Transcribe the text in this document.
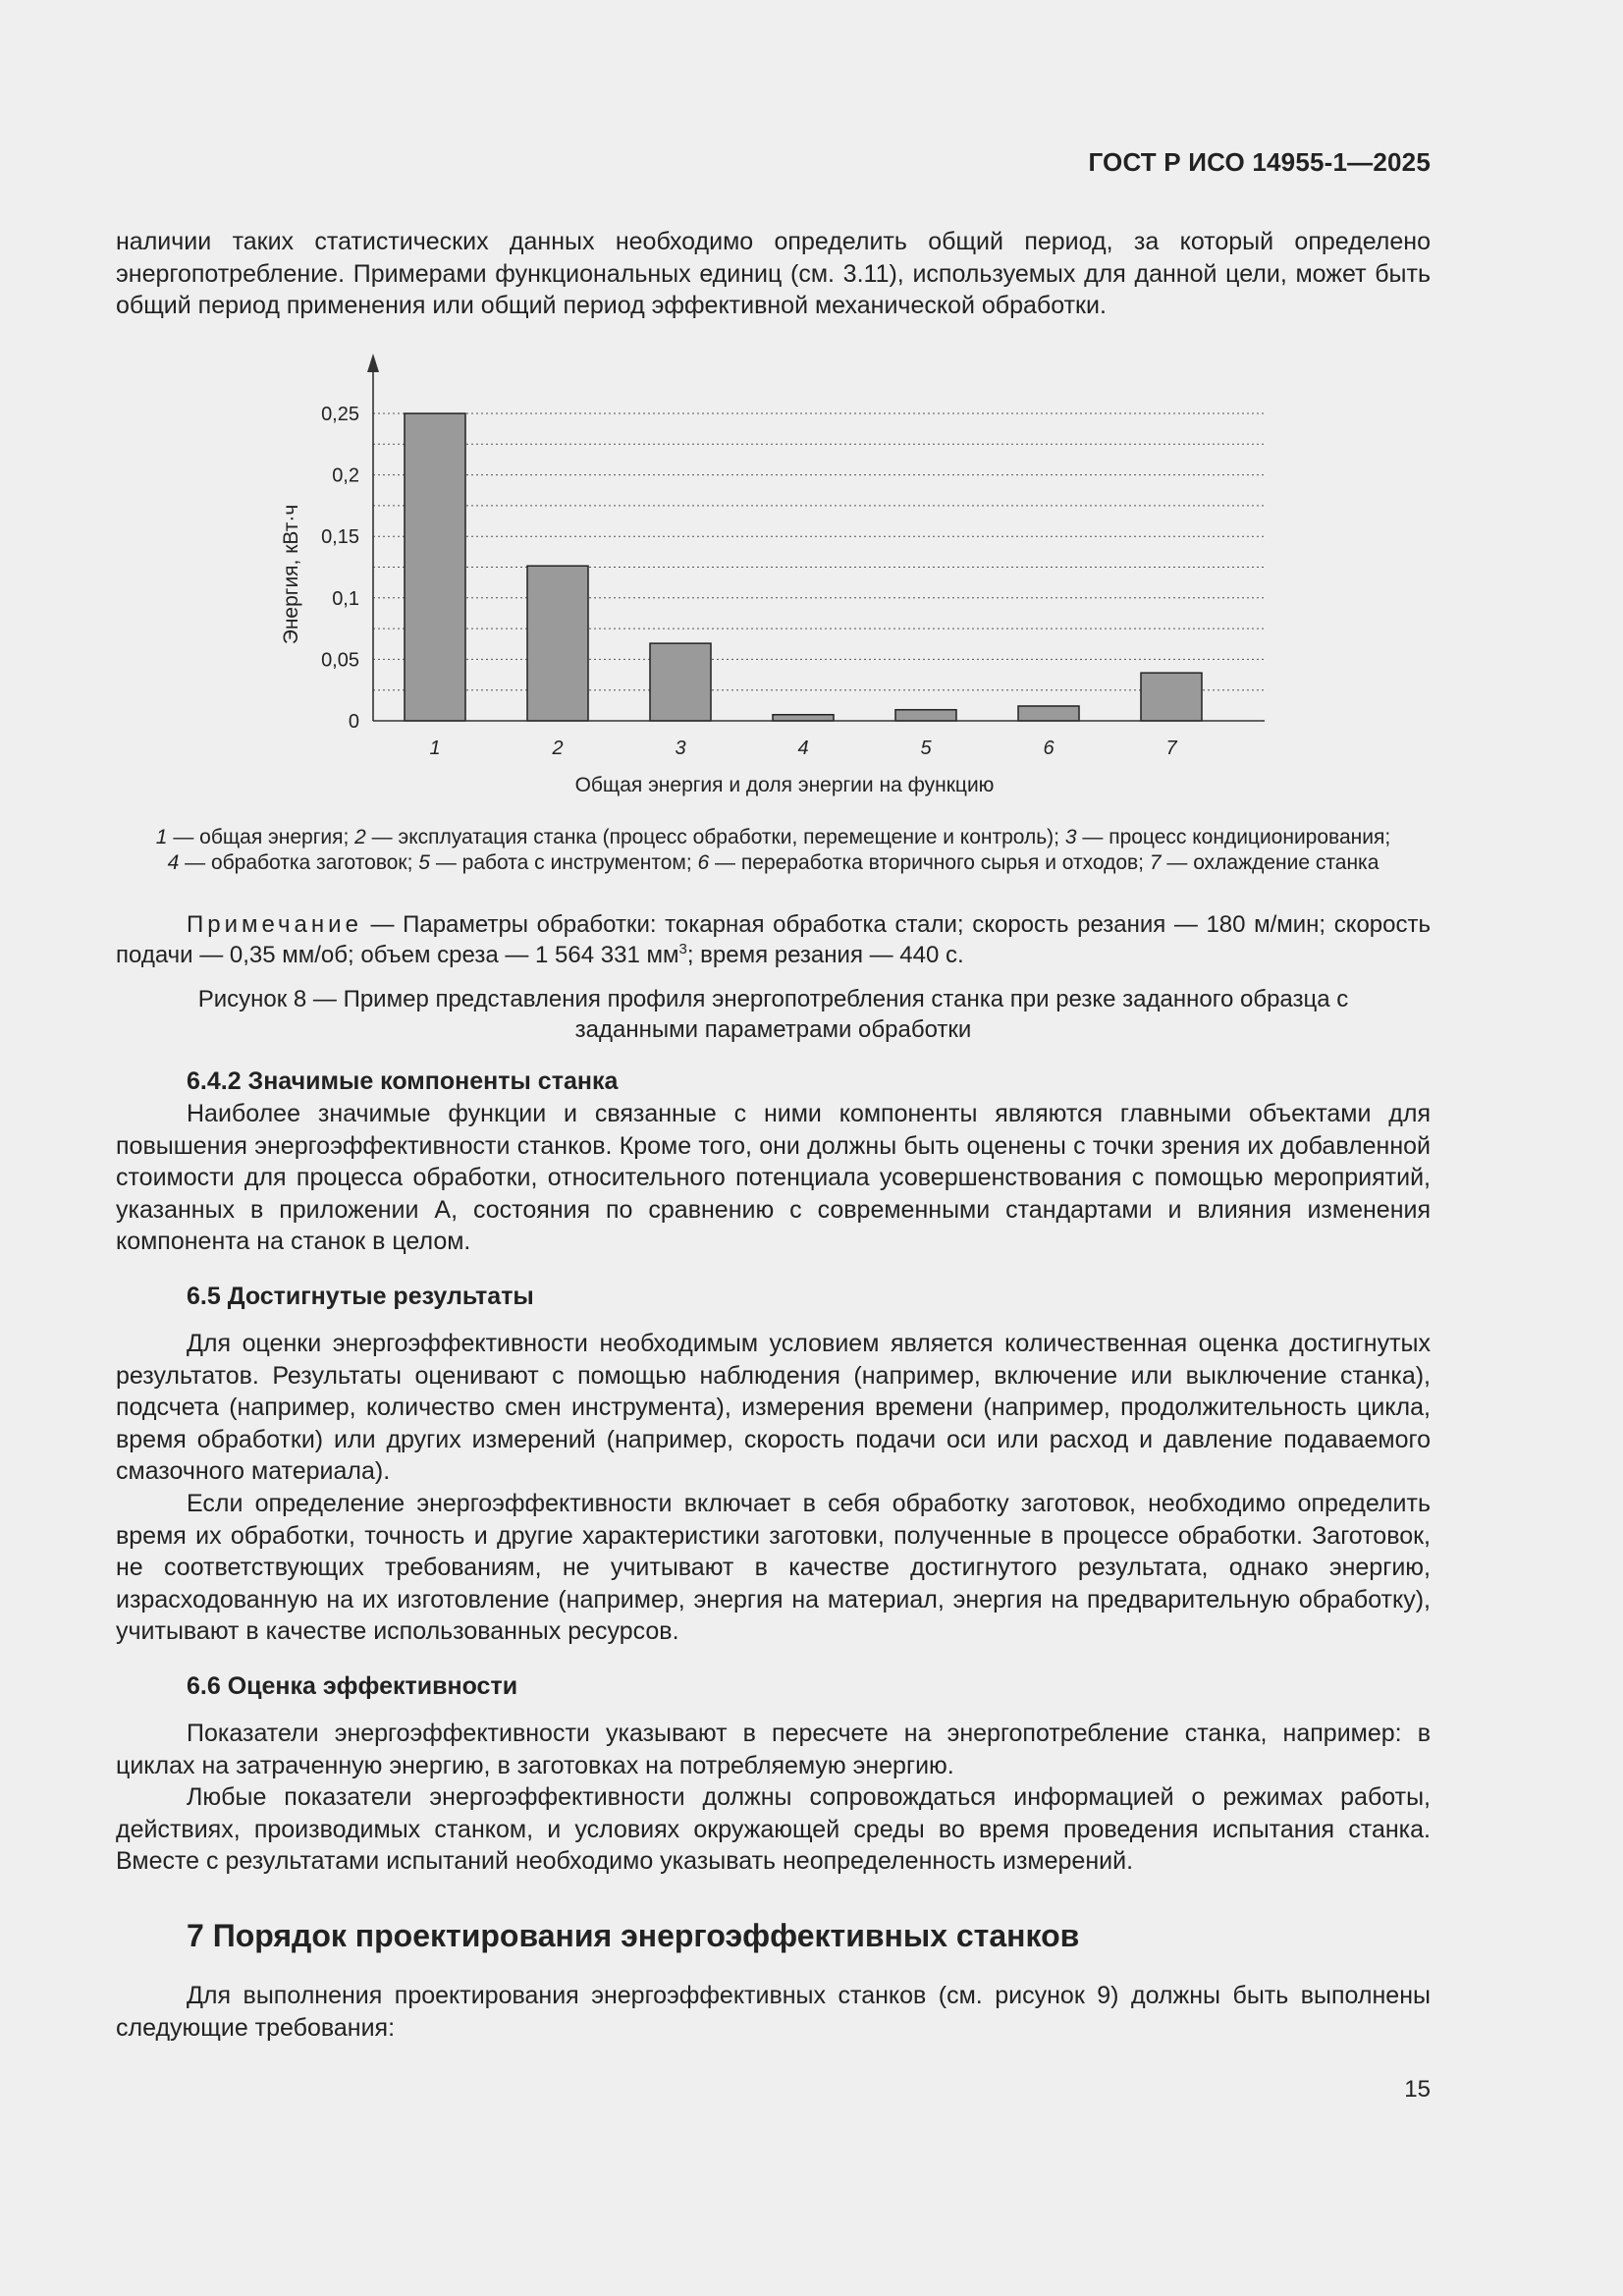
ГОСТ Р ИСО 14955-1—2025

наличии таких статистических данных необходимо определить общий период, за который определено энергопотребление. Примерами функциональных единиц (см. 3.11), используемых для данной цели, может быть общий период применения или общий период эффективной механической обработки.

0
0,05
0,1
0,15
0,2
0,25
1	2	3	4	5	6	7
Энергия, кВт·ч
Общая энергия и доля энергии на функцию
1 — общая энергия; 2 — эксплуатация станка (процесс обработки, перемещение и контроль); 3 — процесс кондиционирования;
4 — обработка заготовок; 5 — работа с инструментом; 6 — переработка вторичного сырья и отходов; 7 — охлаждение станка

Примечание — Параметры обработки: токарная обработка стали; скорость резания — 180 м/мин; скорость подачи — 0,35 мм/об; объем среза — 1 564 331 $мм^3$; время резания — 440 с.

Рисунок 8 — Пример представления профиля энергопотребления станка при резке заданного образца с
заданными параметрами обработки
6.4.2 Значимые компоненты станка

Наиболее значимые функции и связанные с ними компоненты являются главными объектами для повышения энергоэффективности станков. Кроме того, они должны быть оценены с точки зрения их добавленной стоимости для процесса обработки, относительного потенциала усовершенствования с помощью мероприятий, указанных в приложении А, состояния по сравнению с современными стандартами и влияния изменения компонента на станок в целом.

6.5 Достигнутые результаты

Для оценки энергоэффективности необходимым условием является количественная оценка достигнутых результатов. Результаты оценивают с помощью наблюдения (например, включение или выключение станка), подсчета (например, количество смен инструмента), измерения времени (например, продолжительность цикла, время обработки) или других измерений (например, скорость подачи оси или расход и давление подаваемого смазочного материала).

Если определение энергоэффективности включает в себя обработку заготовок, необходимо определить время их обработки, точность и другие характеристики заготовки, полученные в процессе обработки. Заготовок, не соответствующих требованиям, не учитывают в качестве достигнутого результата, однако энергию, израсходованную на их изготовление (например, энергия на материал, энергия на предварительную обработку), учитывают в качестве использованных ресурсов.

6.6 Оценка эффективности

Показатели энергоэффективности указывают в пересчете на энергопотребление станка, например: в циклах на затраченную энергию, в заготовках на потребляемую энергию.

Любые показатели энергоэффективности должны сопровождаться информацией о режимах работы, действиях, производимых станком, и условиях окружающей среды во время проведения испытания станка. Вместе с результатами испытаний необходимо указывать неопределенность измерений.

7 Порядок проектирования энергоэффективных станков

Для выполнения проектирования энергоэффективных станков (см. рисунок 9) должны быть выполнены следующие требования:

15
